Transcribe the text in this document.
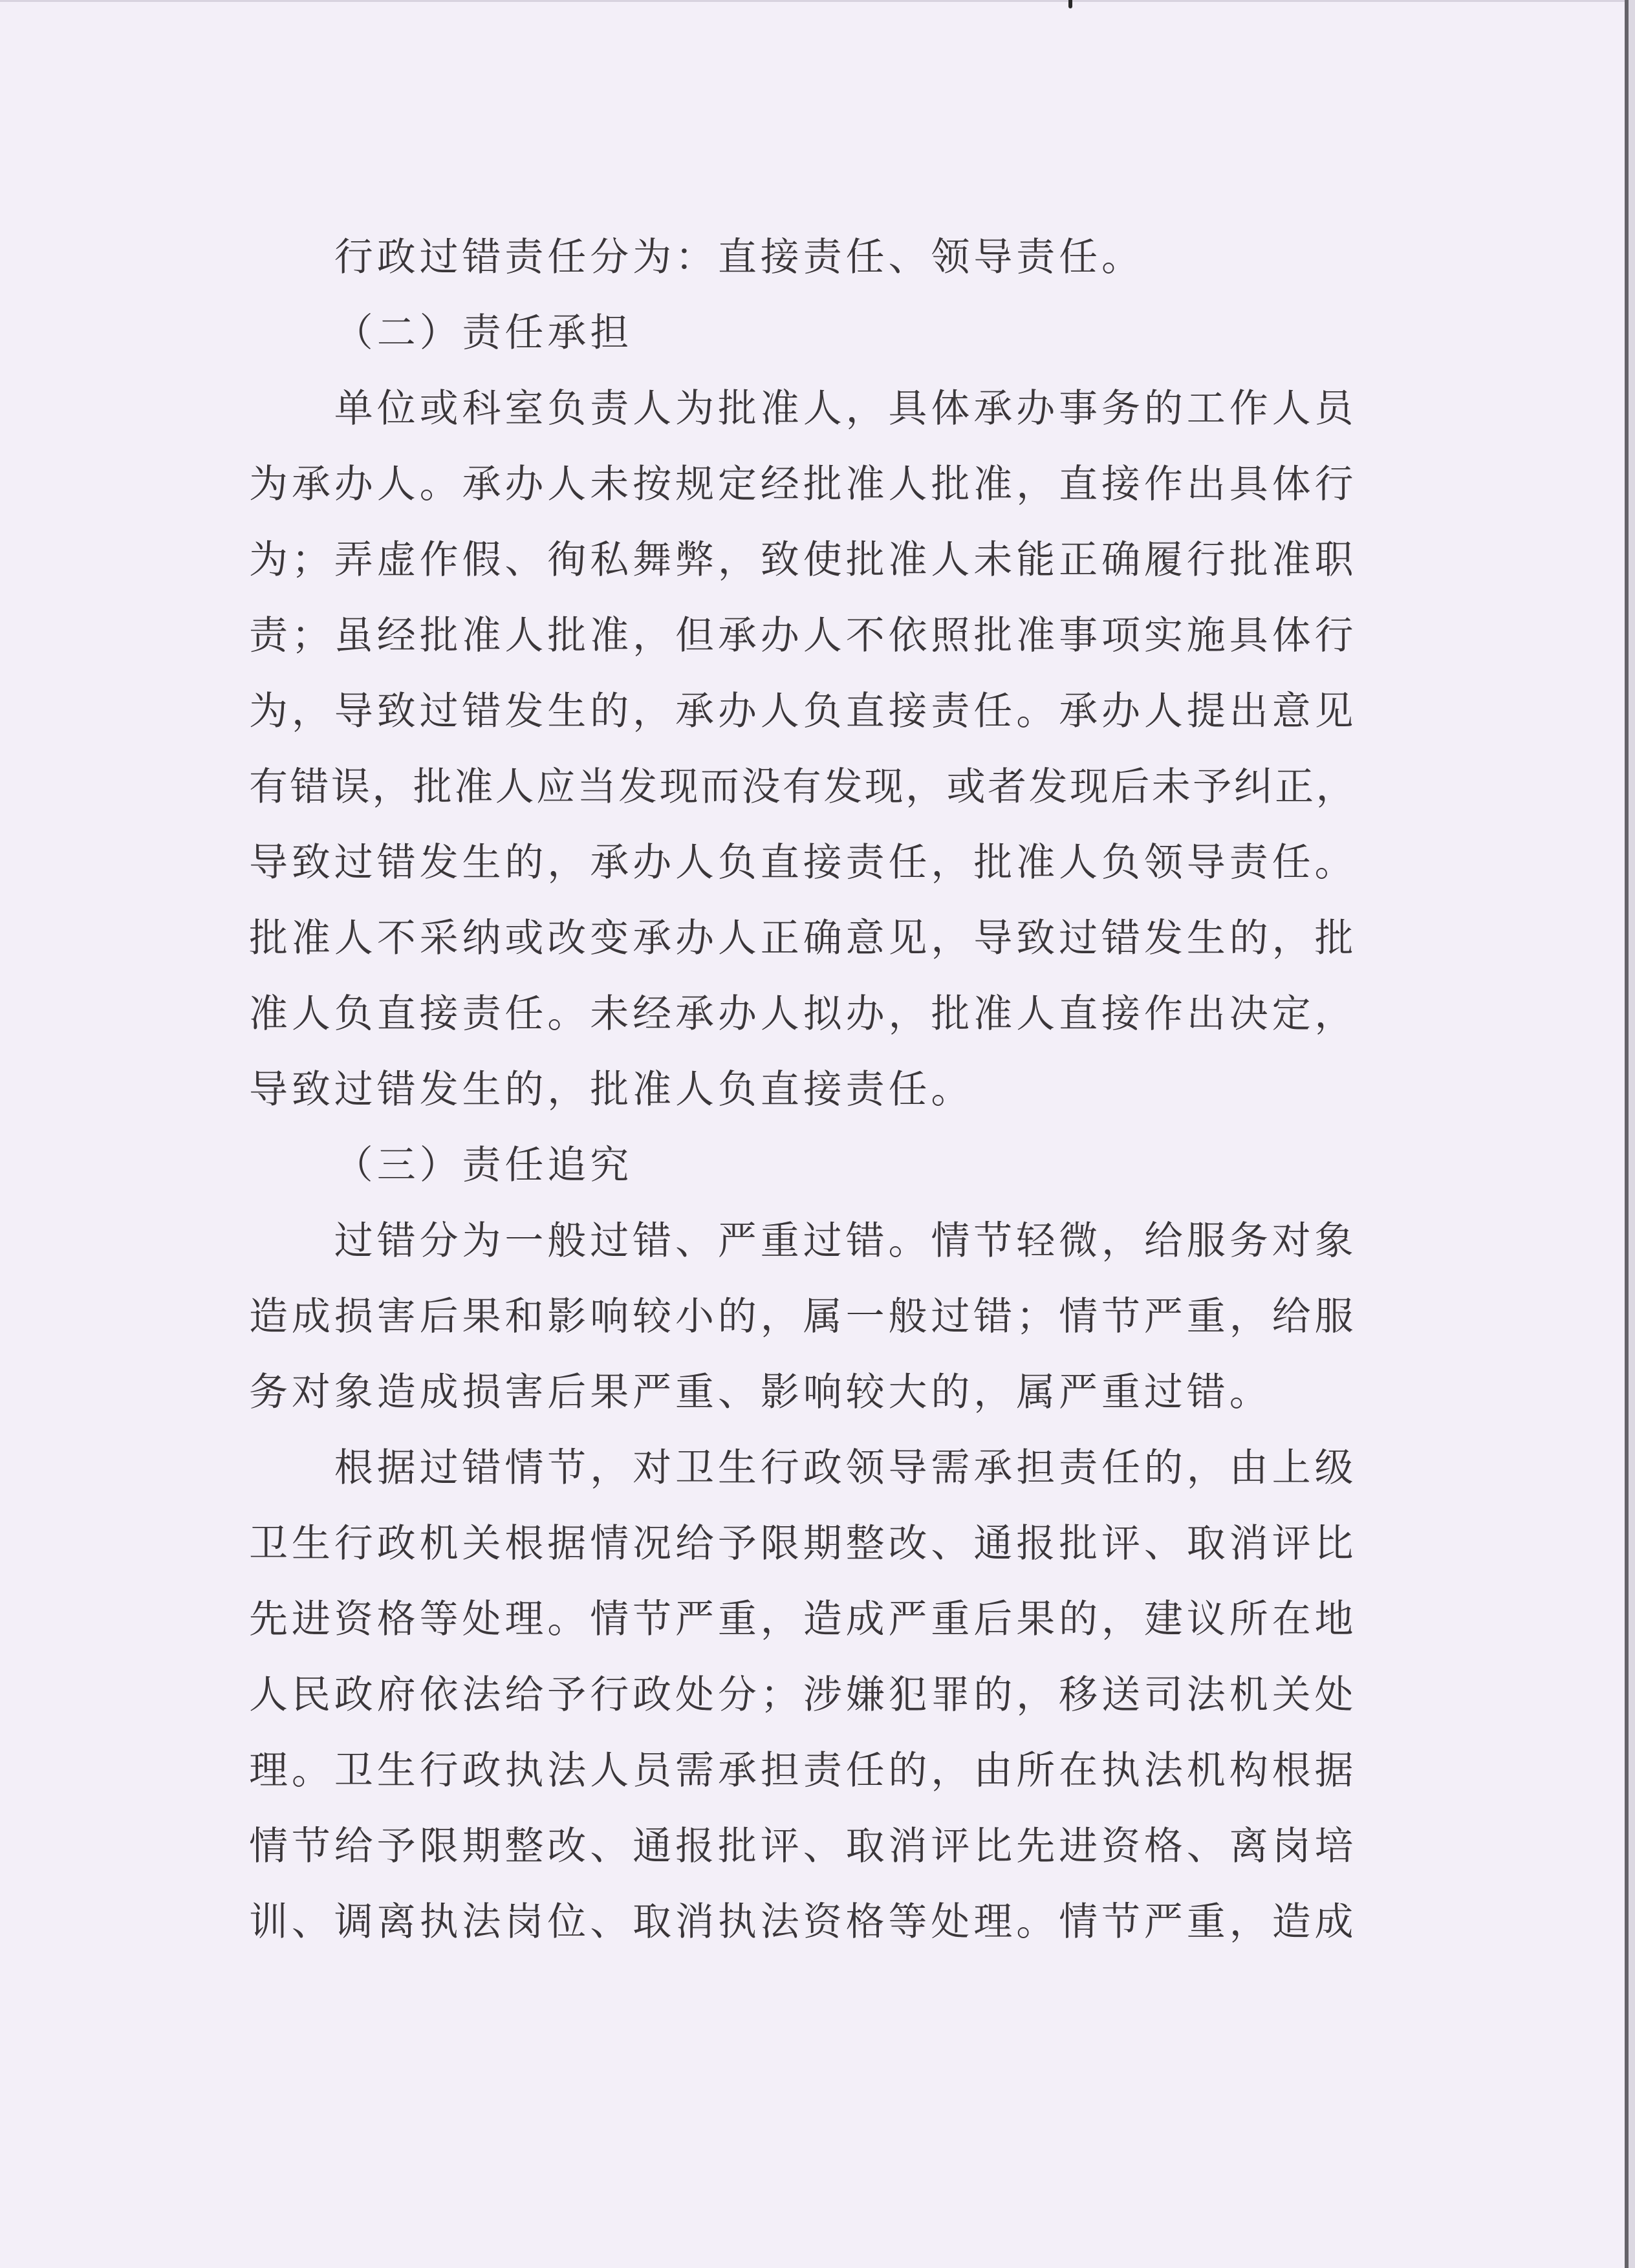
行政过错责任分为：直接责任、领导责任。
（二）责任承担
单位或科室负责人为批准人，具体承办事务的工作人员
为承办人。承办人未按规定经批准人批准，直接作出具体行
为；弄虚作假、徇私舞弊，致使批准人未能正确履行批准职
责；虽经批准人批准，但承办人不依照批准事项实施具体行
为，导致过错发生的，承办人负直接责任。承办人提出意见
有错误，批准人应当发现而没有发现，或者发现后未予纠正，
导致过错发生的，承办人负直接责任，批准人负领导责任。
批准人不采纳或改变承办人正确意见，导致过错发生的，批
准人负直接责任。未经承办人拟办，批准人直接作出决定，
导致过错发生的，批准人负直接责任。
（三）责任追究
过错分为一般过错、严重过错。情节轻微，给服务对象
造成损害后果和影响较小的，属一般过错；情节严重，给服
务对象造成损害后果严重、影响较大的，属严重过错。
根据过错情节，对卫生行政领导需承担责任的，由上级
卫生行政机关根据情况给予限期整改、通报批评、取消评比
先进资格等处理。情节严重，造成严重后果的，建议所在地
人民政府依法给予行政处分；涉嫌犯罪的，移送司法机关处
理。卫生行政执法人员需承担责任的，由所在执法机构根据
情节给予限期整改、通报批评、取消评比先进资格、离岗培
训、调离执法岗位、取消执法资格等处理。情节严重，造成
